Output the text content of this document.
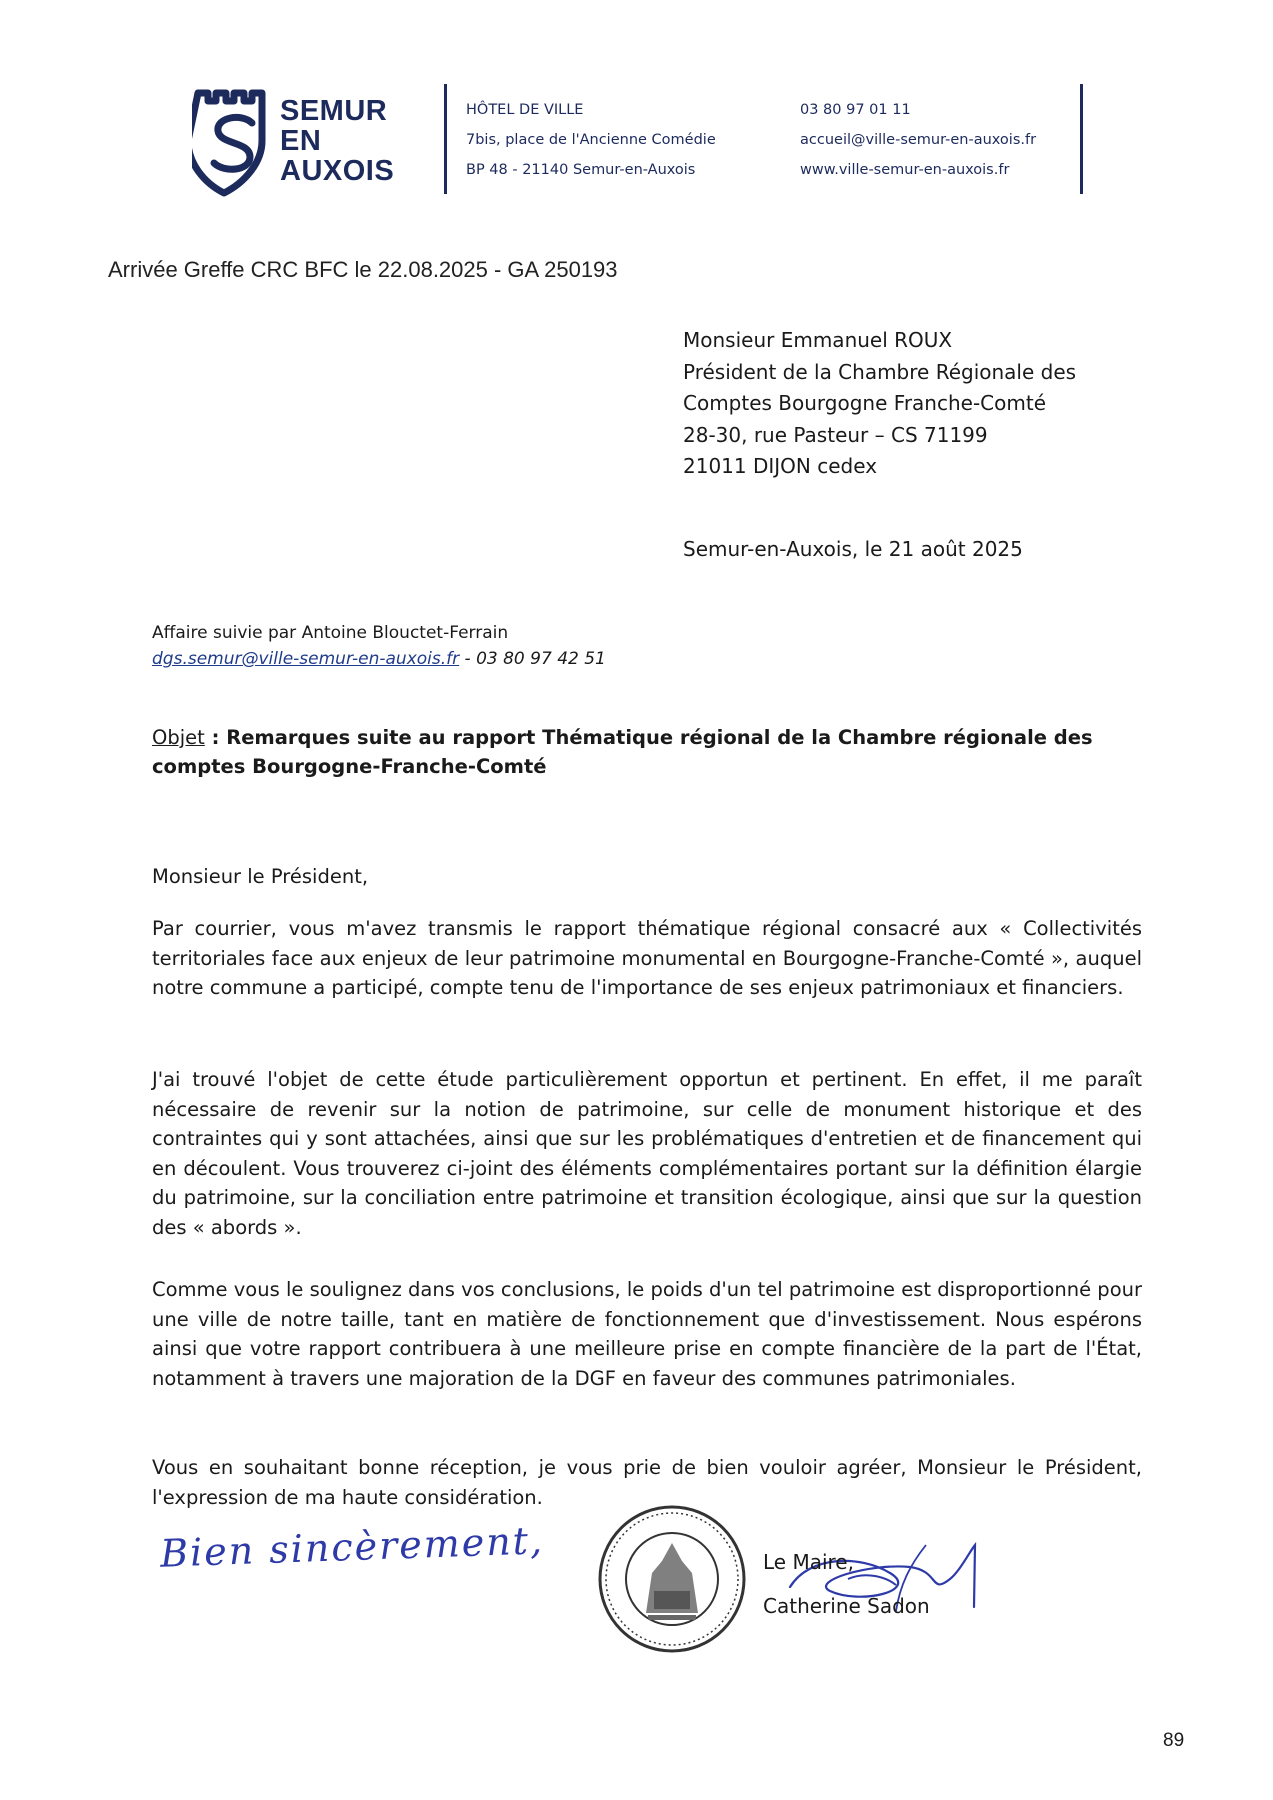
SEMUR
EN
AUXOIS
HÔTEL DE VILLE
7bis, place de l'Ancienne Comédie
BP 48 - 21140 Semur-en-Auxois
03 80 97 01 11
accueil@ville-semur-en-auxois.fr
www.ville-semur-en-auxois.fr
Arrivée Greffe CRC BFC le 22.08.2025 - GA 250193
Monsieur Emmanuel ROUX
Président de la Chambre Régionale des
Comptes Bourgogne Franche-Comté
28-30, rue Pasteur – CS 71199
21011 DIJON cedex
Semur-en-Auxois, le 21 août 2025
Affaire suivie par Antoine Blouctet-Ferrain
dgs.semur@ville-semur-en-auxois.fr - 03 80 97 42 51
Objet : Remarques suite au rapport Thématique régional de la Chambre régionale des comptes Bourgogne-Franche-Comté
Monsieur le Président,
Par courrier, vous m'avez transmis le rapport thématique régional consacré aux « Collectivités territoriales face aux enjeux de leur patrimoine monumental en Bourgogne-Franche-Comté », auquel notre commune a participé, compte tenu de l'importance de ses enjeux patrimoniaux et financiers.
J'ai trouvé l'objet de cette étude particulièrement opportun et pertinent. En effet, il me paraît nécessaire de revenir sur la notion de patrimoine, sur celle de monument historique et des contraintes qui y sont attachées, ainsi que sur les problématiques d'entretien et de financement qui en découlent. Vous trouverez ci-joint des éléments complémentaires portant sur la définition élargie du patrimoine, sur la conciliation entre patrimoine et transition écologique, ainsi que sur la question des « abords ».
Comme vous le soulignez dans vos conclusions, le poids d'un tel patrimoine est disproportionné pour une ville de notre taille, tant en matière de fonctionnement que d'investissement. Nous espérons ainsi que votre rapport contribuera à une meilleure prise en compte financière de la part de l'État, notamment à travers une majoration de la DGF en faveur des communes patrimoniales.
Vous en souhaitant bonne réception, je vous prie de bien vouloir agréer, Monsieur le Président, l'expression de ma haute considération.
Bien sincèrement,	Le Maire,
Catherine Sadon
89
